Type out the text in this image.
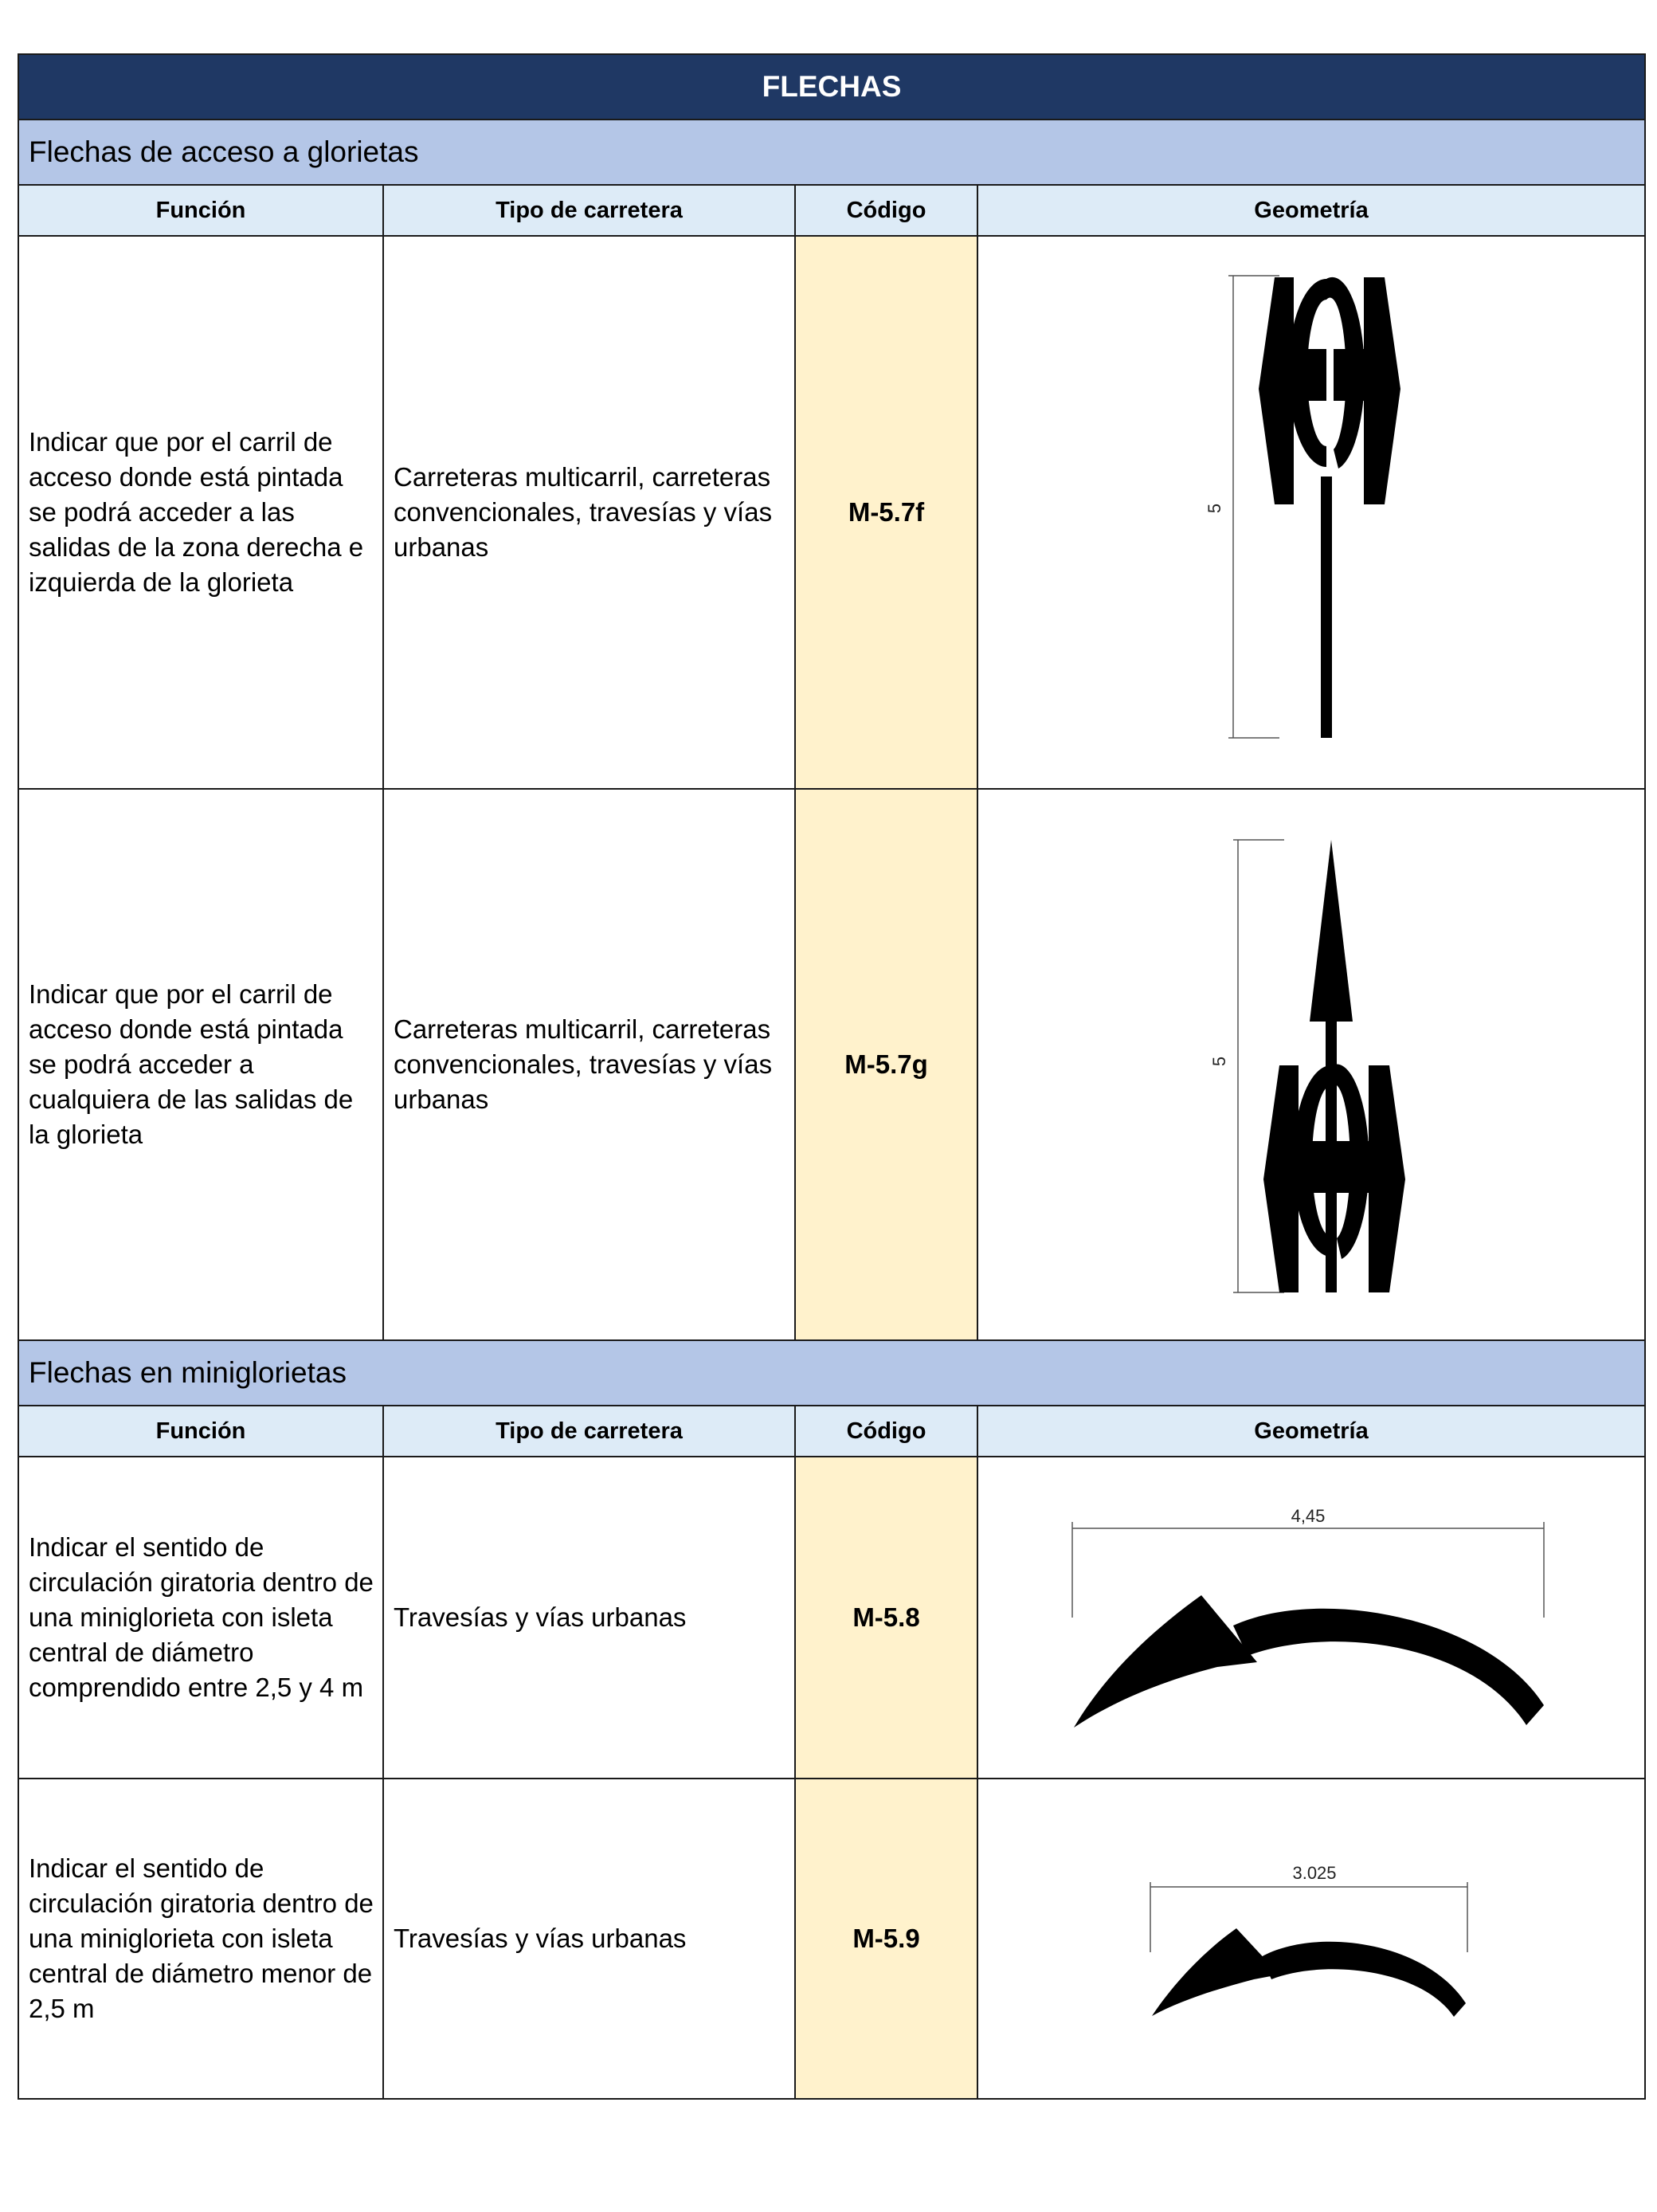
FLECHAS			
Flechas de acceso a glorietas			
Función	Tipo de carretera	Código	Geometría

Indicar que por el carril de acceso donde está pintada se podrá acceder a las salidas de la zona derecha e izquierda de la glorieta	Carreteras multicarril, carreteras convencionales, travesías y vías urbanas	M-5.7f	5

Indicar que por el carril de acceso donde está pintada se podrá acceder a cualquiera de las salidas de la glorieta	Carreteras multicarril, carreteras convencionales, travesías y vías urbanas	M-5.7g	5

Flechas en miniglorietas			
Función	Tipo de carretera	Código	Geometría

Indicar el sentido de circulación giratoria dentro de una miniglorieta con isleta central de diámetro comprendido entre 2,5 y 4 m	Travesías y vías urbanas	M-5.8	4,45

Indicar el sentido de circulación giratoria dentro de una miniglorieta con isleta central de diámetro menor de 2,5 m	Travesías y vías urbanas	M-5.9	3.025
